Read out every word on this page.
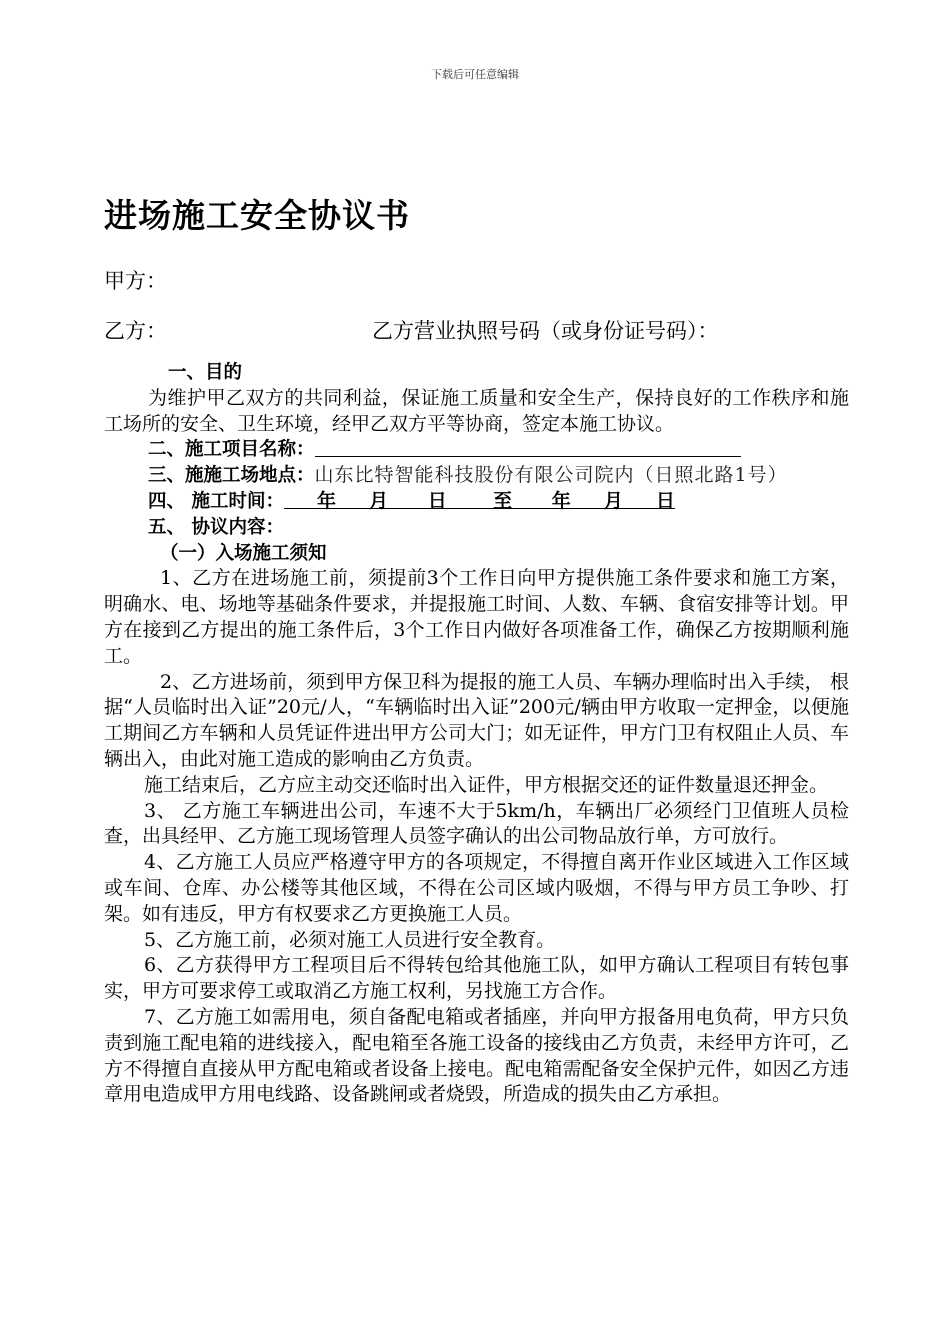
下载后可任意编辑
进场施工安全协议书
甲方：
乙方：	乙方营业执照号码（或身份证号码）：

一、目的

为维护甲乙双方的共同利益，保证施工质量和安全生产，保持良好的工作秩序和施工场所的安全、卫生环境，经甲乙双方平等协商，签定本施工协议。

二、施工项目名称：

三、施施工场地点：山东比特智能科技股份有限公司院内（日照北路1号）

四、 施工时间：     年     月      日       至      年     月     日

五、 协议内容：

（一）入场施工须知

1、乙方在进场施工前，须提前3个工作日向甲方提供施工条件要求和施工方案，明确水、电、场地等基础条件要求，并提报施工时间、人数、车辆、食宿安排等计划。甲方在接到乙方提出的施工条件后，3个工作日内做好各项准备工作，确保乙方按期顺利施工。

2、乙方进场前，须到甲方保卫科为提报的施工人员、车辆办理临时出入手续， 根据“人员临时出入证”20元/人，“车辆临时出入证”200元/辆由甲方收取一定押金，以便施工期间乙方车辆和人员凭证件进出甲方公司大门；如无证件，甲方门卫有权阻止人员、车辆出入，由此对施工造成的影响由乙方负责。

施工结束后，乙方应主动交还临时出入证件，甲方根据交还的证件数量退还押金。

3、 乙方施工车辆进出公司，车速不大于5km/h，车辆出厂必须经门卫值班人员检查，出具经甲、乙方施工现场管理人员签字确认的出公司物品放行单，方可放行。

4、乙方施工人员应严格遵守甲方的各项规定，不得擅自离开作业区域进入工作区域或车间、仓库、办公楼等其他区域，不得在公司区域内吸烟，不得与甲方员工争吵、打架。如有违反，甲方有权要求乙方更换施工人员。

5、乙方施工前，必须对施工人员进行安全教育。

6、乙方获得甲方工程项目后不得转包给其他施工队，如甲方确认工程项目有转包事实，甲方可要求停工或取消乙方施工权利，另找施工方合作。

7、乙方施工如需用电，须自备配电箱或者插座，并向甲方报备用电负荷，甲方只负责到施工配电箱的进线接入，配电箱至各施工设备的接线由乙方负责，未经甲方许可，乙方不得擅自直接从甲方配电箱或者设备上接电。配电箱需配备安全保护元件，如因乙方违章用电造成甲方用电线路、设备跳闸或者烧毁，所造成的损失由乙方承担。
